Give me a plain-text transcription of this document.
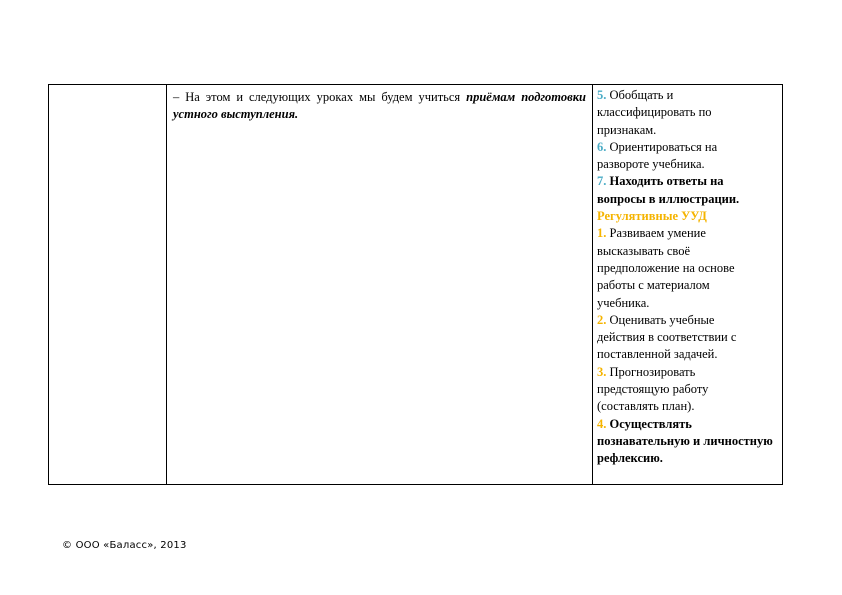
– На этом и следующих уроках мы будем учиться приёмам подготовки устного выступления.
5. Обобщать и
классифицировать по
признакам.
6. Ориентироваться на
развороте учебника.
7. Находить ответы на
вопросы в иллюстрации.
Регулятивные УУД
1. Развиваем умение
высказывать своё
предположение на основе
работы с материалом
учебника.
2. Оценивать учебные
действия в соответствии с
поставленной задачей.
3. Прогнозировать
предстоящую работу
(составлять план).
4. Осуществлять
познавательную и личностную
рефлексию.
© ООО «Баласс», 2013
